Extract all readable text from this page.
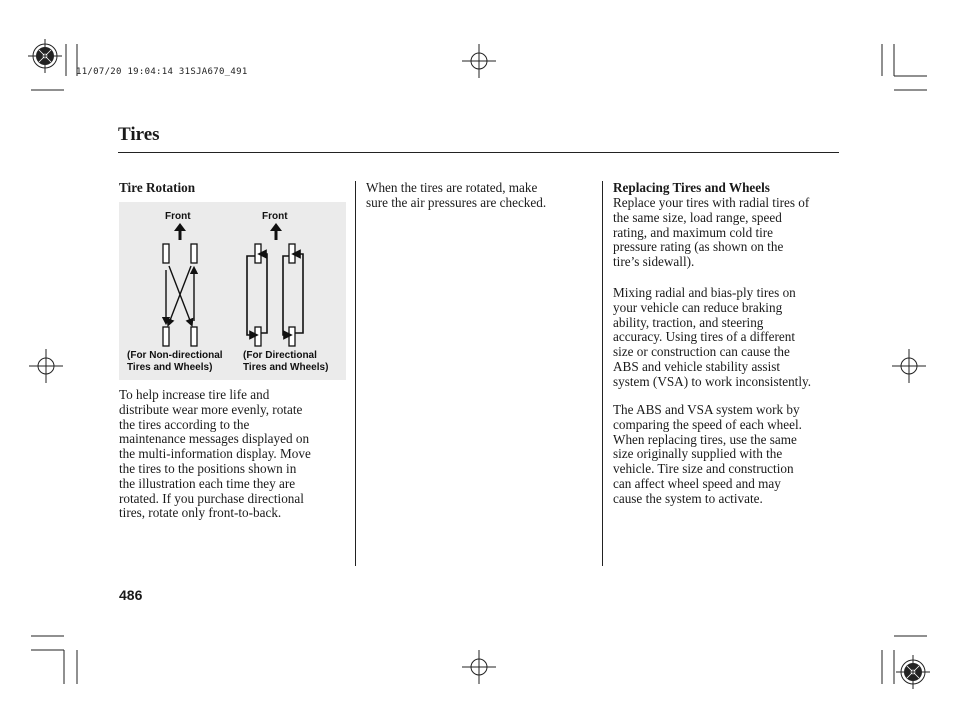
11/07/20 19:04:14 31SJA670_491
Tires
Tire Rotation
Front	Front
(For Non-directional
Tires and Wheels)
(For Directional
Tires and Wheels)
To help increase tire life and
distribute wear more evenly, rotate
the tires according to the
maintenance messages displayed on
the multi-information display. Move
the tires to the positions shown in
the illustration each time they are
rotated. If you purchase directional
tires, rotate only front-to-back.
When the tires are rotated, make
sure the air pressures are checked.
Replacing Tires and Wheels
Replace your tires with radial tires of
the same size, load range, speed
rating, and maximum cold tire
pressure rating (as shown on the
tire’s sidewall).
Mixing radial and bias-ply tires on
your vehicle can reduce braking
ability, traction, and steering
accuracy. Using tires of a different
size or construction can cause the
ABS and vehicle stability assist
system (VSA) to work inconsistently.
The ABS and VSA system work by
comparing the speed of each wheel.
When replacing tires, use the same
size originally supplied with the
vehicle. Tire size and construction
can affect wheel speed and may
cause the system to activate.
486
